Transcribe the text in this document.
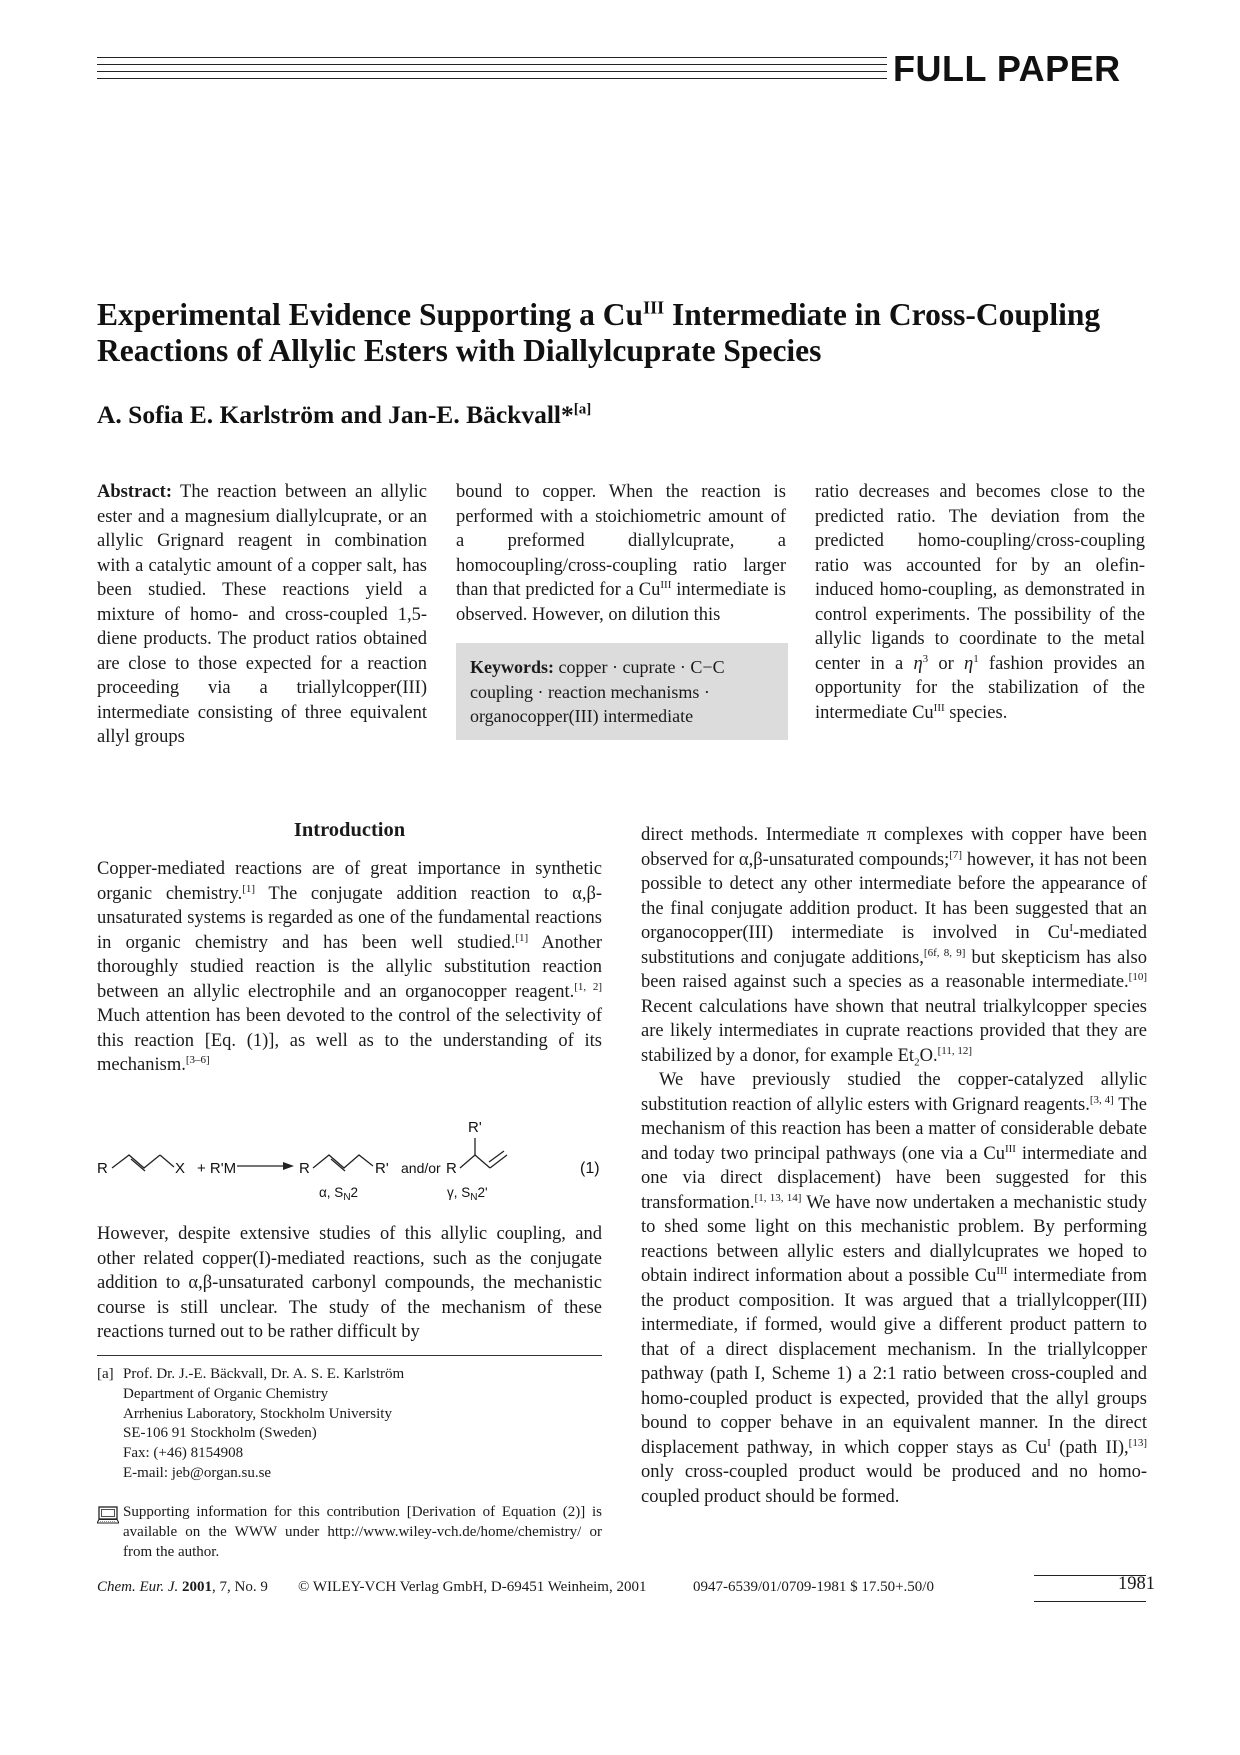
FULL PAPER
Experimental Evidence Supporting a $Cu^{III}$ Intermediate in Cross-Coupling
Reactions of Allylic Esters with Diallylcuprate Species
A. Sofia E. Karlström and Jan-E. Bäckvall*[a]
Abstract: The reaction between an allylic ester and a magnesium diallylcuprate, or an allylic Grignard reagent in combination with a catalytic amount of a copper salt, has been studied. These reactions yield a mixture of homo- and cross-coupled 1,5-diene products. The product ratios obtained are close to those expected for a reaction proceeding via a triallylcopper(III) intermediate consisting of three equivalent allyl groups
bound to copper. When the reaction is performed with a stoichiometric amount of a preformed diallylcuprate, a homocoupling/cross-coupling ratio larger than that predicted for a $Cu^{III}$ intermediate is observed. However, on dilution this
Keywords: copper · cuprate · C−C coupling · reaction mechanisms · organocopper(III) intermediate
ratio decreases and becomes close to the predicted ratio. The deviation from the predicted homo-coupling/cross-coupling ratio was accounted for by an olefin-induced homo-coupling, as demonstrated in control experiments. The possibility of the allylic ligands to coordinate to the metal center in a $\eta^3$ or $\eta^1$ fashion provides an opportunity for the stabilization of the intermediate $Cu^{III}$ species.
Introduction
Copper-mediated reactions are of great importance in synthetic organic chemistry.[1] The conjugate addition reaction to α,β-unsaturated systems is regarded as one of the fundamental reactions in organic chemistry and has been well studied.[1] Another thoroughly studied reaction is the allylic substitution reaction between an allylic electrophile and an organocopper reagent.[1, 2] Much attention has been devoted to the control of the selectivity of this reaction [Eq. (1)], as well as to the understanding of its mechanism.[3–6]
R	X + R'M	R	R' and/or R
R'
α, $S_N2$	γ, $S_N2'$
(1)
However, despite extensive studies of this allylic coupling, and other related copper(I)-mediated reactions, such as the conjugate addition to α,β-unsaturated carbonyl compounds, the mechanistic course is still unclear. The study of the mechanism of these reactions turned out to be rather difficult by
[a] Prof. Dr. J.-E. Bäckvall, Dr. A. S. E. Karlström
Department of Organic Chemistry
Arrhenius Laboratory, Stockholm University
SE-106 91 Stockholm (Sweden)
Fax: (+46) 8154908
E-mail: jeb@organ.su.se
Supporting information for this contribution [Derivation of Equation (2)] is available on the WWW under http://www.wiley-vch.de/home/chemistry/ or from the author.

direct methods. Intermediate π complexes with copper have been observed for α,β-unsaturated compounds;[7] however, it has not been possible to detect any other intermediate before the appearance of the final conjugate addition product. It has been suggested that an organocopper(III) intermediate is involved in $Cu^I$-mediated substitutions and conjugate additions,[6f, 8, 9] but skepticism has also been raised against such a species as a reasonable intermediate.[10] Recent calculations have shown that neutral trialkylcopper species are likely intermediates in cuprate reactions provided that they are stabilized by a donor, for example $Et_2O.[11, 12]$

We have previously studied the copper-catalyzed allylic substitution reaction of allylic esters with Grignard reagents.[3, 4] The mechanism of this reaction has been a matter of considerable debate and today two principal pathways (one via a $Cu^{III}$ intermediate and one via direct displacement) have been suggested for this transformation.[1, 13, 14] We have now undertaken a mechanistic study to shed some light on this mechanistic problem. By performing reactions between allylic esters and diallylcuprates we hoped to obtain indirect information about a possible $Cu^{III}$ intermediate from the product composition. It was argued that a triallylcopper(III) intermediate, if formed, would give a different product pattern to that of a direct displacement mechanism. In the triallylcopper pathway (path I, Scheme 1) a 2:1 ratio between cross-coupled and homo-coupled product is expected, provided that the allyl groups bound to copper behave in an equivalent manner. In the direct displacement pathway, in which copper stays as $Cu^I$ (path II),[13] only cross-coupled product would be produced and no homo-coupled product should be formed.

Chem. Eur. J. 2001, 7, No. 9 © WILEY-VCH Verlag GmbH, D-69451 Weinheim, 2001	0947-6539/01/0709-1981 $ 17.50+.50/0	1981
